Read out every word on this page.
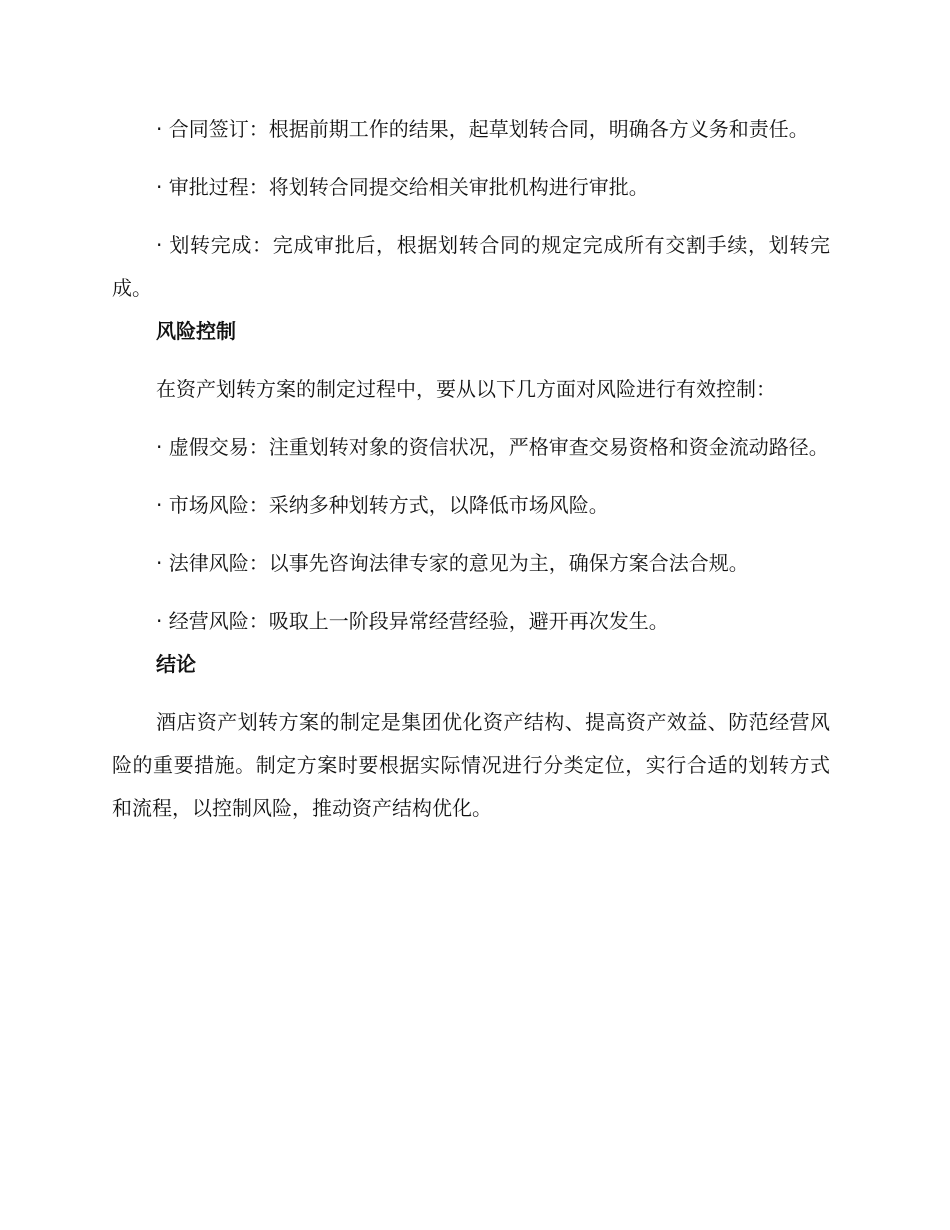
· 合同签订：根据前期工作的结果，起草划转合同，明确各方义务和责任。

· 审批过程：将划转合同提交给相关审批机构进行审批。

· 划转完成：完成审批后，根据划转合同的规定完成所有交割手续，划转完成。

风险控制

在资产划转方案的制定过程中，要从以下几方面对风险进行有效控制：

· 虚假交易：注重划转对象的资信状况，严格审查交易资格和资金流动路径。

· 市场风险：采纳多种划转方式，以降低市场风险。

· 法律风险：以事先咨询法律专家的意见为主，确保方案合法合规。

· 经营风险：吸取上一阶段异常经营经验，避开再次发生。

结论

酒店资产划转方案的制定是集团优化资产结构、提高资产效益、防范经营风险的重要措施。制定方案时要根据实际情况进行分类定位，实行合适的划转方式和流程，以控制风险，推动资产结构优化。
